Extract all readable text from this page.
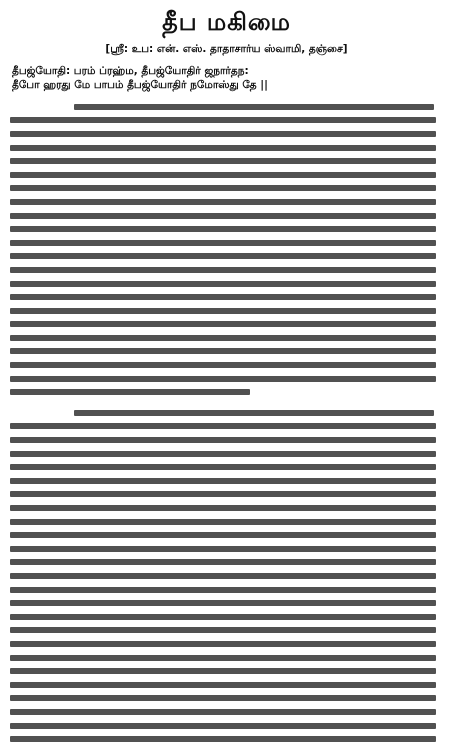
தீப மகிமை
[ஸ்ரீ: உப: என். எஸ். தாதாசார்ய ஸ்வாமி, தஞ்சை]
தீபஜ்யோதி: பரம் ப்ரஹ்ம, தீபஜ்யோதிர் ஜநார்தந:
தீபோ ஹரது மே பாபம் தீபஜ்யோதிர் நமோஸ்து தே ||
